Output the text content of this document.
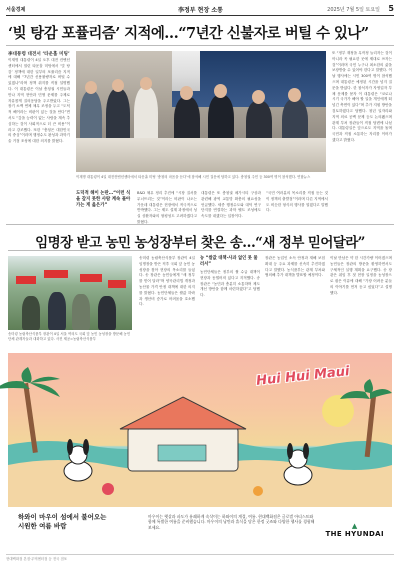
서울경제	李정부 현장 소통	2025년 7월 5일 토요일 5
‘빚 탕감 포퓰리즘’ 지적에…“7년간 신불자로 버틸 수 있나”
李대통령 대전서 ‘타운홀 미팅’

이재명 대통령이 4일 오후 대전 컨벤션센터에서 열린 타운홀 미팅에서 ‘빚 탕감’ 정책에 대한 일부의 포퓰리즘 지적에 대해 “7년간 신용불량자로 버틸 수 있겠나”라며 정책 취지를 직접 설명했다. 이 대통령은 이날 충청권 시민들과 만나 지역 현안과 민생 문제를 주제로 자유롭게 질의응답을 주고받았다. 그는 장기 소액 연체 채무 조정을 두고 “도덕적 해이라는 비판이 있는 것을 안다”면서도 “갚을 능력이 없는 사람을 계속 추심하는 것이 사회적으로 더 큰 비용”이라고 강조했다. 또한 “충청은 대한민국의 중심”이라며 행정수도 완성과 과학기술 거점 조성에 대한 의지를 밝혔다.

이재명 대통령이 4일 대전컨벤션센터에서 타운홀 미팅 ‘충청의 마음을 듣다’에 참석해 시민 질문에 답하고 있다. 충청권 주민 등 300여 명이 참석했다. 연합뉴스
도덕적 해이 논란…“이런 식을 갚지 못한 사람 계속 몰아가는 게 옳은가”

B&D 채무 정리 추진에 “시장 질서를 무너뜨리는 것”이라는 비판이 나오는 가운데 대통령은 현장에서 적극적으로 반박했다. 그는 제도 설계 과정에서 성실 상환자와의 형평성도 고려하겠다고 밝혔다.

대통령은 또 충청권 메가시티 구상과 관련해 광역 교통망 확충의 필요성을 언급했다. 세종 행정수도와 대덕 연구단지를 연결하는 과학 벨트 조성에도 속도를 내겠다는 입장이다.

“국민 여러분의 목소리를 직접 듣는 것이 정책의 출발점”이라며 다른 지역에서도 비슷한 형식의 행사를 열겠다고 말했다.

또 “정부 재정을 무작정 늘리자는 것이 아니라 꼭 필요한 곳에 제대로 쓰자는 것”이라며 국민 누구나 최소한의 삶을 보장받을 수 있어야 한다고 말했다. 이날 행사에는 시민 300여 명이 참석했으며 대통령은 예정된 시간을 넘겨 질문을 받았다. 한 참석자가 자영업자 부채 문제를 묻자 이 대통령은 “코로나 시기 국가가 해야 할 일을 개인에게 떠넘긴 측면이 있다”며 추가 지원 방안을 검토하겠다고 답했다. 청년 일자리와 지역 의료 공백 문제 등도 논의됐으며 관계 부처 장관들이 직접 답변에 나섰다. 대통령실은 앞으로도 지역을 돌며 국민과 직접 소통하는 자리를 이어가겠다고 밝혔다.

임명장 받고 농민 농성장부터 찾은 송…“새 정부 믿어달라”
송미령 농림축산식품부 장관이 4일 서울 여의도 국회 앞 농민 농성장을 방문해 농민단체 관계자들과 대화하고 있다. 사진 제공=농림축산식품부

송미령 농림축산식품부 장관이 4일 임명장을 받은 직후 국회 앞 농민 농성장을 찾아 현장의 목소리를 들었다. 송 장관은 농민들에게 “새 정부를 믿어 달라”며 양곡관리법 개정과 농산물 가격 안정 대책에 대한 의지를 밝혔다. 농민단체들은 쌀값 하락과 생산비 증가로 어려움을 호소했다.

농민단체들은 정부의 쌀 수급 대책이 현장과 동떨어져 있다고 지적했다. 송 장관은 “농민과 충분히 소통하며 제도 개선 방안을 함께 마련하겠다”고 답했다.

농 “쌀값 대책·사과 없인 못 물러서”

장관은 농업인 소득 안정과 재해 보험 확대 등 주요 과제를 신속히 추진하겠다고 말했다. 농식품부는 관계 부처와 협의해 추가 대책을 발표할 예정이다.

이날 만남은 약 한 시간가량 이어졌으며 농민들은 장관의 방문을 환영하면서도 구체적인 실행 계획을 요구했다. 송 장관은 취임 후 첫 현장 일정을 농성장으로 잡은 이유에 대해 “가장 어려운 분들의 이야기를 먼저 듣고 싶었다”고 설명했다.

Hui Hui Maui
하와이 마우이 섬에서 불어오는
시원한 여름 바람
마우이는 햇살과 파도가 유쾌하게 속삭이는 하와이의 계절, 여름. 현대백화점은 글로벌 아티스트와 함께 특별한 여름을 준비했습니다. 마우이의 낭만과 휴식을 담은 한정 굿즈와 다양한 행사를 경험해 보세요.	▲
THE HYUNDAI
현대백화점 본점·무역센터점 등 전국 점포
